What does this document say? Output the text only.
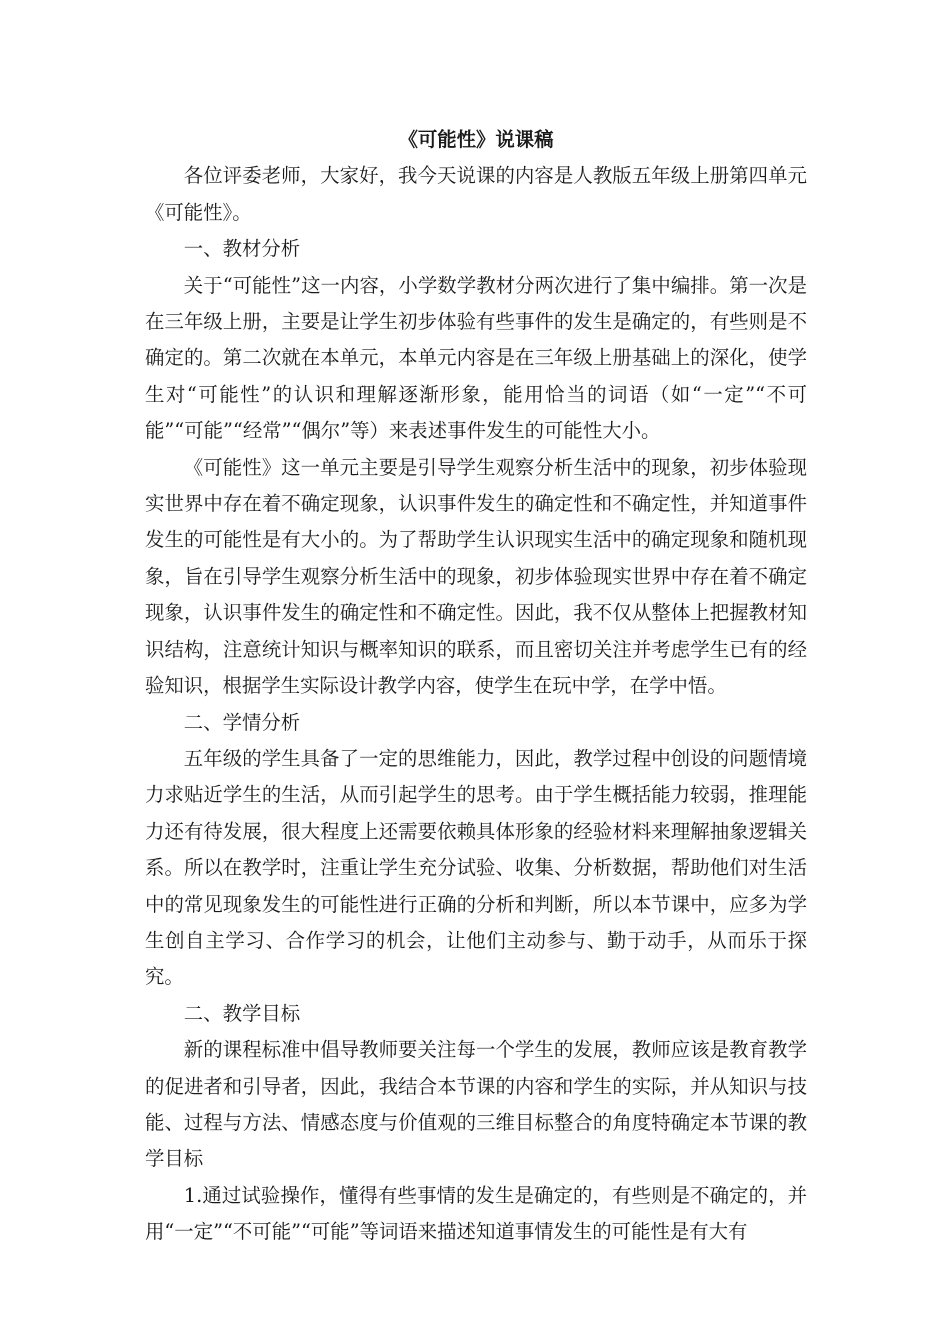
《可能性》说课稿

各位评委老师，大家好，我今天说课的内容是人教版五年级上册第四单元《可能性》。

一、教材分析

关于“可能性”这一内容，小学数学教材分两次进行了集中编排。第一次是在三年级上册，主要是让学生初步体验有些事件的发生是确定的，有些则是不确定的。第二次就在本单元，本单元内容是在三年级上册基础上的深化，使学生对“可能性”的认识和理解逐渐形象，能用恰当的词语（如“一定”“不可能”“可能”“经常”“偶尔”等）来表述事件发生的可能性大小。

《可能性》这一单元主要是引导学生观察分析生活中的现象，初步体验现实世界中存在着不确定现象，认识事件发生的确定性和不确定性，并知道事件发生的可能性是有大小的。为了帮助学生认识现实生活中的确定现象和随机现象，旨在引导学生观察分析生活中的现象，初步体验现实世界中存在着不确定现象，认识事件发生的确定性和不确定性。因此，我不仅从整体上把握教材知识结构，注意统计知识与概率知识的联系，而且密切关注并考虑学生已有的经验知识，根据学生实际设计教学内容，使学生在玩中学，在学中悟。

二、学情分析

五年级的学生具备了一定的思维能力，因此，教学过程中创设的问题情境力求贴近学生的生活，从而引起学生的思考。由于学生概括能力较弱，推理能力还有待发展，很大程度上还需要依赖具体形象的经验材料来理解抽象逻辑关系。所以在教学时，注重让学生充分试验、收集、分析数据，帮助他们对生活中的常见现象发生的可能性进行正确的分析和判断，所以本节课中，应多为学生创自主学习、合作学习的机会，让他们主动参与、勤于动手，从而乐于探究。

二、教学目标

新的课程标准中倡导教师要关注每一个学生的发展，教师应该是教育教学的促进者和引导者，因此，我结合本节课的内容和学生的实际，并从知识与技能、过程与方法、情感态度与价值观的三维目标整合的角度特确定本节课的教学目标

1.通过试验操作，懂得有些事情的发生是确定的，有些则是不确定的，并用“一定”“不可能”“可能”等词语来描述知道事情发生的可能性是有大有
